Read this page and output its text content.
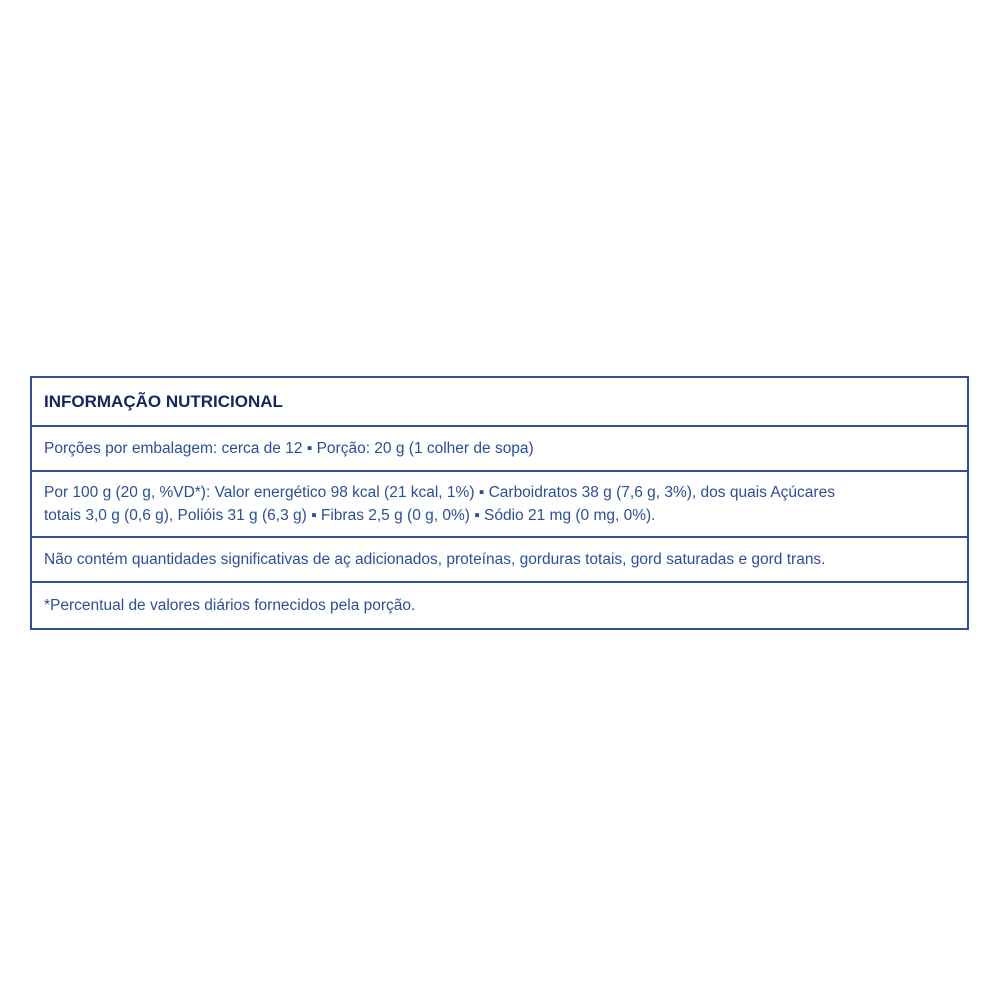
INFORMAÇÃO NUTRICIONAL
Porções por embalagem: cerca de 12 ▪ Porção: 20 g (1 colher de sopa)
Por 100 g (20 g, %VD*): Valor energético 98 kcal (21 kcal, 1%) ▪ Carboidratos 38 g (7,6 g, 3%), dos quais Açúcares
totais 3,0 g (0,6 g), Polióis 31 g (6,3 g) ▪ Fibras 2,5 g (0 g, 0%) ▪ Sódio 21 mg (0 mg, 0%).
Não contém quantidades significativas de aç adicionados, proteínas, gorduras totais, gord saturadas e gord trans.
*Percentual de valores diários fornecidos pela porção.
